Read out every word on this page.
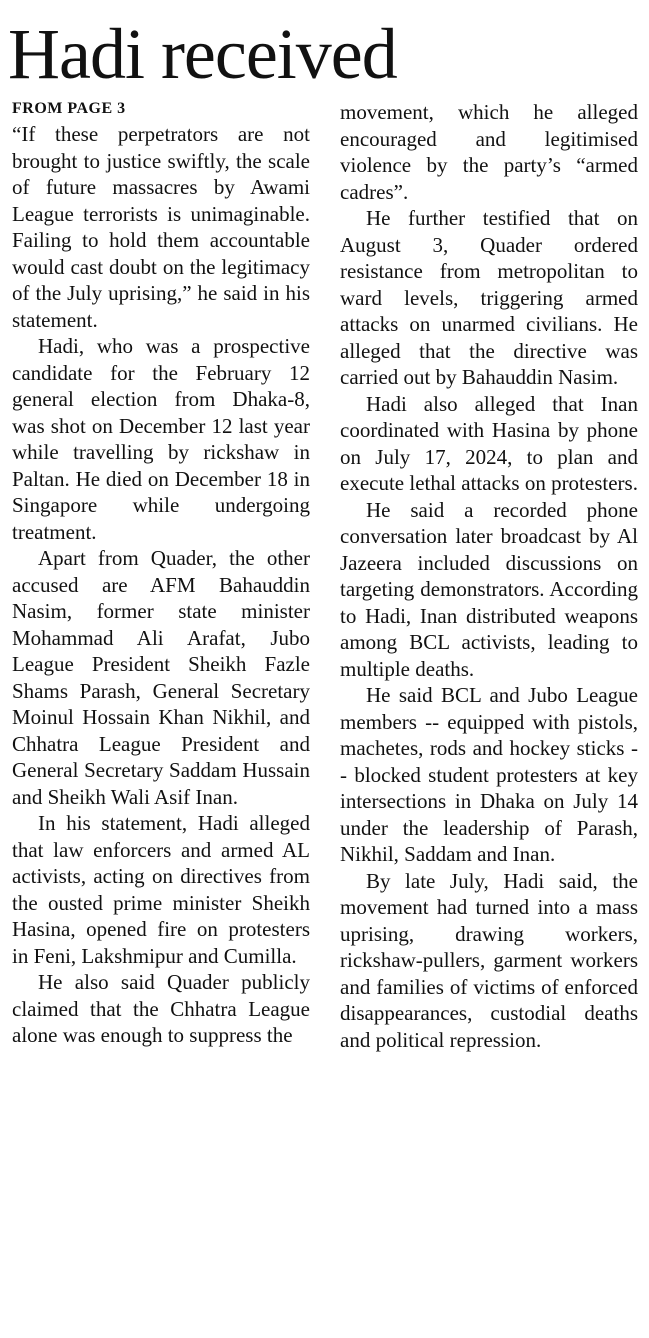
Hadi received
FROM PAGE 3

“If these perpetrators are not brought to justice swiftly, the scale of future massacres by Awami League terrorists is unimaginable. Failing to hold them accountable would cast doubt on the legitimacy of the July uprising,” he said in his statement.

Hadi, who was a prospective candidate for the February 12 general election from Dhaka-8, was shot on December 12 last year while travelling by rickshaw in Paltan. He died on December 18 in Singapore while undergoing treatment.

Apart from Quader, the other accused are AFM Bahauddin Nasim, former state minister Mohammad Ali Arafat, Jubo League President Sheikh Fazle Shams Parash, General Secretary Moinul Hossain Khan Nikhil, and Chhatra League President and General Secretary Saddam Hussain and Sheikh Wali Asif Inan.

In his statement, Hadi alleged that law enforcers and armed AL activists, acting on directives from the ousted prime minister Sheikh Hasina, opened fire on protesters in Feni, Lakshmipur and Cumilla.

He also said Quader publicly claimed that the Chhatra League alone was enough to suppress the

movement, which he alleged encouraged and legitimised violence by the party’s “armed cadres”.

He further testified that on August 3, Quader ordered resistance from metropolitan to ward levels, triggering armed attacks on unarmed civilians. He alleged that the directive was carried out by Bahauddin Nasim.

Hadi also alleged that Inan coordinated with Hasina by phone on July 17, 2024, to plan and execute lethal attacks on protesters.

He said a recorded phone conversation later broadcast by Al Jazeera included discussions on targeting demonstrators. According to Hadi, Inan distributed weapons among BCL activists, leading to multiple deaths.

He said BCL and Jubo League members -- equipped with pistols, machetes, rods and hockey sticks -- blocked student protesters at key intersections in Dhaka on July 14 under the leadership of Parash, Nikhil, Saddam and Inan.

By late July, Hadi said, the movement had turned into a mass uprising, drawing workers, rickshaw-pullers, garment workers and families of victims of enforced disappearances, custodial deaths and political repression.
